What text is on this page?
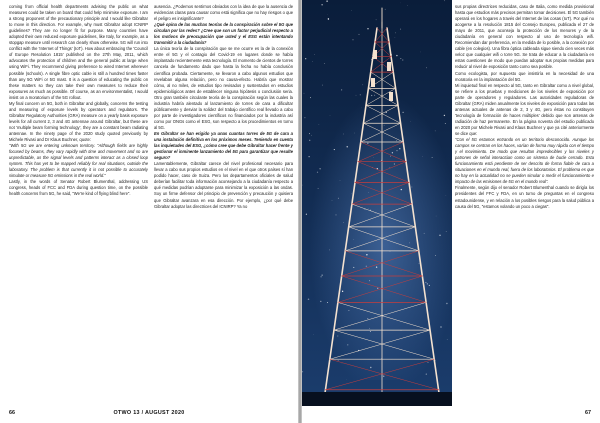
coming from official health departments advising the public on what measures could be taken on board that could help minimise exposure. I am a strong proponent of the precautionary principle and I would like Gibraltar to move in this direction. For example, why must Gibraltar adopt ICNIRP guidelines? They are no longer fit for purpose. Many countries have adopted their own reduced exposure guidelines, like Italy, for example, as a stopgap measure until research can clearly show otherwise. 5G will run into conflict with the 'Internet of Things' (IoT). How about embracing the 'Council of Europe Resolution 1815' published on the 27th May, 2011, which advocates the protection of children and the general public at large when using WiFi. They recommend giving preference to wired Internet wherever possible (schools). A single fibre optic cable is still a hundred times faster than any 5G WiFi or 5G mast. It is a question of educating the public on these matters so they can take their own measures to reduce their exposures as much as possible. Of course, as an environmentalist, I would insist on a moratorium of the 5G rollout.

My final concern on 5G, both in Gibraltar and globally, concerns the testing and measuring of exposure levels by operators and regulators. The Gibraltar Regulatory Authorities (GRA) measure on a yearly basis exposure levels for all current 2, 3 and 4G antennae around Gibraltar, but these are not 'multiple beam forming technology', they are a constant beam radiating antennae. In the ninety page of the 2020 study quoted previously by Michele Rivasi and Dr Klaus Buchner, quote:

"With 5G we are entering unknown territory. "Although fields are highly focused by beams, they vary rapidly with time and movement and so are unpredictable, as the signal levels and patterns interact as a closed loop system. This has yet to be mapped reliably for real situations, outside the laboratory. The problem is that currently it is not possible to accurately simulate or measure 5G emissions in the real world."

Lastly, in the words of Senator Robert Blumenthal, addressing US congress, heads of FCC and FDA during question time, on the possible health concerns from 5G, he said, "We're kind of flying blind here".

ausencia. ¿Podemos sentirnos obviados con la idea de que la ausencia de evidencias claras para causar como está significa que no hay riesgos o que el peligro es insignificante?

¿Qué opina de las muchas teorías de la conspiración sobre el 5G que circulan por las redes? ¿Cree que son un factor perjudicial respecto a los motivos de preocupación que usted y el ESG están intentando transmitir a la ciudadanía?

La única teoría de la conspiración que se me ocurre es la de la conexión entre el 5G y el contagio del Covid-19 en lugares donde se había implantado recientemente esta tecnología. El momento de cientos de torres cancela de fundamento dado que hasta la fecha no había conclusión científica probada. Ciertamente, se llevaron a cabo algunos estudios que revelaban alguna relación, pero no causa-efecto. Habría que mostrar cómo, al no miles, de estudios tipo revisados y sustentados en estudios epidemiológicos antes de establecer ninguna hipótesis o conclusión seria. Otro gran también circulante teoría de la conspiración según las cuales la industria habría alentado al lanzamiento de torres de cara a dificultar públicamente y desviar la solidez del trabajo científico real llevado a cabo por parte de investigadores científicos no financiados por la industria así como por ONGs como el ESG, son respecto a los procedimientos en torno al 5G.

En Gibraltar se han erigido ya unas cuantas torres de 5G de cara a una instalación definitiva en los próximos meses. Teniendo en cuenta las inquietudes del ESG, ¿cómo cree que debe Gibraltar hacer frente y gestionar el inminente lanzamiento del 5G para garantizar que resulte seguro?

Lamentablemente, Gibraltar carece del nivel profesional necesario para llevar a cabo sus propios estudios en el nivel en el que otros países sí han podido hacer, caso de Suiza. Pero los departamentos oficiales de salud deberían facilitar toda información aconsejando a la ciudadanía respecto a qué medidas podrían adoptarse para minimizar la exposición a las ondas. Soy un firme defensor del principio de prevención y precaución y quisiera que Gibraltar avanzara en esa dirección. Por ejemplo, ¿por qué debe Gibraltar adoptar las directrices del ICNIRP? Ya no

66	OTWO 13 / AUGUST 2020

sus propias directrices reducidas, caso de Italia, como medida provisional hasta que estudios más precisos permitan tomar decisiones. El 5G también operará en los hogares a través del Internet de las cosas (IoT). Por qué no acogerse a la resolución 1815 del Consejo Europeo, publicada el 27 de mayo de 2011, que aconseja la protección de los menores y de la ciudadanía en general con respecto al uso de tecnología wifi. Recomiendan dar preferencia, en la medida de lo posible, a la conexión por cable (en colegios). Una fibra óptica cableada sigue siendo cien veces más veloz que cualquier wifi o torre 5G. Se trata de educar a la ciudadanía en estas cuestiones de modo que puedan adoptar sus propias medidas para reducir al nivel de exposición tanto como sea posible.

Como ecologista, por supuesto que insistiría en la necesidad de una moratoria en la implantación del 5G.

Mi inquietud final en respecto al 5G, tanto en Gibraltar como a nivel global, se refiere a los pruebas y mediciones de los niveles de exposición por parte de operadores y reguladores. Las autoridades reguladoras de Gibraltar (GRA) miden anualmente los niveles de exposición para todas las antenas actuales de antenas de 2, 3 y 4G, pero éstas no constituyen 'tecnología de formación de haces múltiples' debido que son antenas de radiación de haz permanente. En la página noventa del estudio publicado en 2020 por Michele Rivasi and Klaus Buchner y que ya cité anteriormente se dice que:

"Con el 5G estamos entrando en un territorio desconocido. Aunque los campos se centran en los haces, varían de forma muy rápida con el tiempo y el movimiento. De modo que resultan impredecibles y los niveles y patrones de señal interactúan como un sistema de bucle cerrado. Esta funcionamiento está pendiente de ser descrito de forma fiable de cara a situaciones en el mundo real, fuera de los laboratorios. El problema es que no hay en la actualidad no se pueden simular o medir el funcionamiento e impacto de las emisiones de 5G en el mundo real".

Finalmente, según dijo el senador Robert Blumenthal cuando se dirigía los presidentes del FFC y FDA, en un turno de preguntas en el congreso estadounidense, y en relación a los posibles riesgos para la salud pública a causa del 5G, "estamos volando un poco a ciegas".

67
